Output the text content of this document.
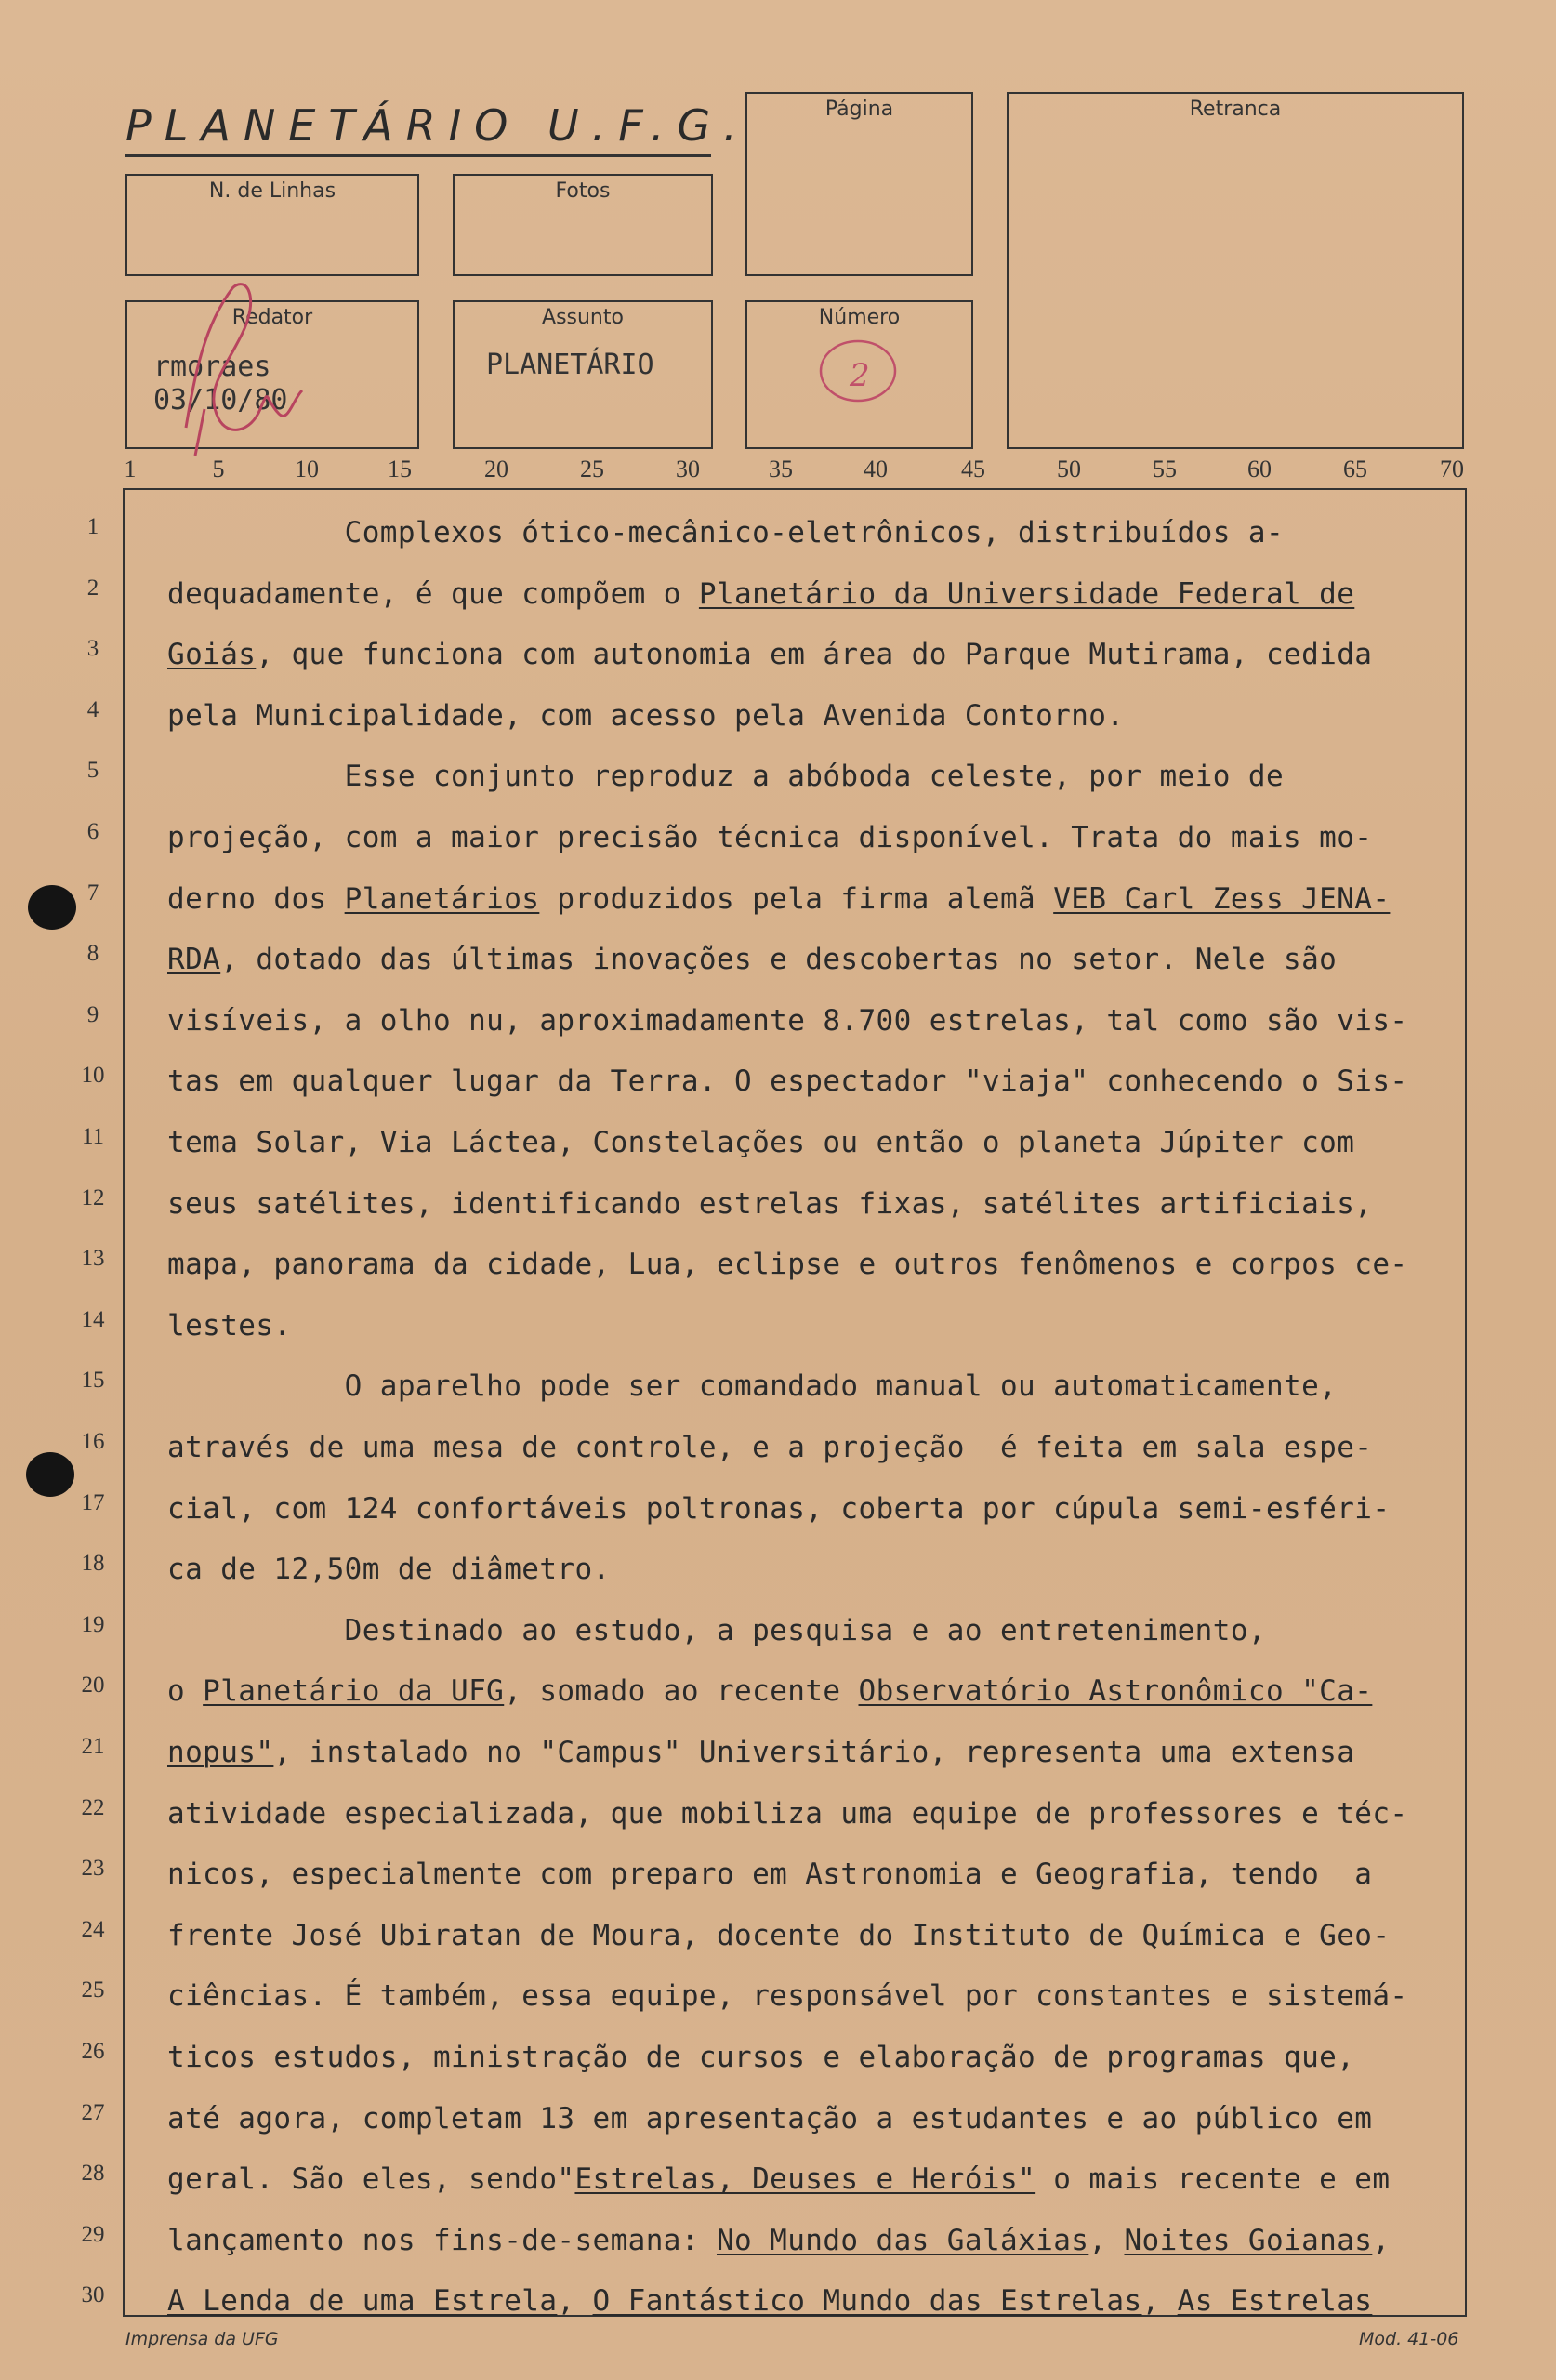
PLANETÁRIO U.F.G.
N. de Linhas	Fotos
Página	Retranca
Redator
rmoraes
03/10/80
Assunto
PLANETÁRIO
Número
2
1	5	10	15	20	25	30	35	40	45	50	55	60	65	70
1
2
3
4
5
6
7
8
9
10
11
12
13
14
15
16
17
18
19
20
21
22
23
24
25
26
27
28
29
30
Complexos ótico-mecânico-eletrônicos, distribuídos a-
dequadamente, é que compõem o Planetário da Universidade Federal de
Goiás, que funciona com autonomia em área do Parque Mutirama, cedida
pela Municipalidade, com acesso pela Avenida Contorno.
Esse conjunto reproduz a abóboda celeste, por meio de
projeção, com a maior precisão técnica disponível. Trata do mais mo-
derno dos Planetários produzidos pela firma alemã VEB Carl Zess JENA-
RDA, dotado das últimas inovações e descobertas no setor. Nele são
visíveis, a olho nu, aproximadamente 8.700 estrelas, tal como são vis-
tas em qualquer lugar da Terra. O espectador "viaja" conhecendo o Sis-
tema Solar, Via Láctea, Constelações ou então o planeta Júpiter com
seus satélites, identificando estrelas fixas, satélites artificiais,
mapa, panorama da cidade, Lua, eclipse e outros fenômenos e corpos ce-
lestes.
O aparelho pode ser comandado manual ou automaticamente,
através de uma mesa de controle, e a projeção  é feita em sala espe-
cial, com 124 confortáveis poltronas, coberta por cúpula semi-esféri-
ca de 12,50m de diâmetro.
Destinado ao estudo, a pesquisa e ao entretenimento,
o Planetário da UFG, somado ao recente Observatório Astronômico "Ca-
nopus", instalado no "Campus" Universitário, representa uma extensa
atividade especializada, que mobiliza uma equipe de professores e téc-
nicos, especialmente com preparo em Astronomia e Geografia, tendo  a
frente José Ubiratan de Moura, docente do Instituto de Química e Geo-
ciências. É também, essa equipe, responsável por constantes e sistemá-
ticos estudos, ministração de cursos e elaboração de programas que,
até agora, completam 13 em apresentação a estudantes e ao público em
geral. São eles, sendo"Estrelas, Deuses e Heróis" o mais recente e em
lançamento nos fins-de-semana: No Mundo das Galáxias, Noites Goianas,
A Lenda de uma Estrela, O Fantástico Mundo das Estrelas, As Estrelas
Imprensa da UFG	Mod. 41-06
